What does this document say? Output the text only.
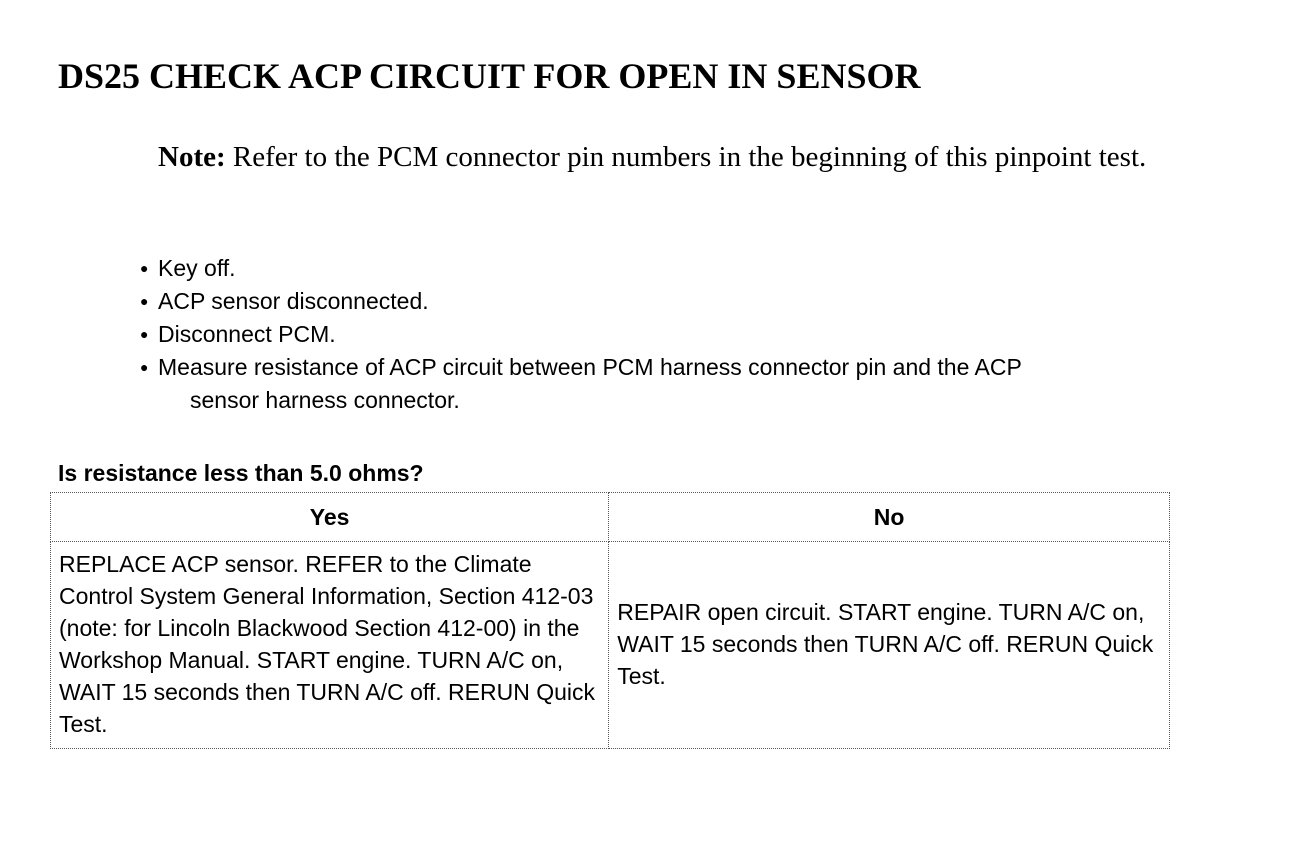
DS25 CHECK ACP CIRCUIT FOR OPEN IN SENSOR

Note: Refer to the PCM connector pin numbers in the beginning of this pinpoint test.

● Key off.
● ACP sensor disconnected.
● Disconnect PCM.
● Measure resistance of ACP circuit between PCM harness connector pin and the ACP
sensor harness connector.

Is resistance less than 5.0 ohms?

Yes	No
REPLACE ACP sensor. REFER to the Climate Control System General Information, Section 412-03 (note: for Lincoln Blackwood Section 412-00) in the Workshop Manual. START engine. TURN A/C on, WAIT 15 seconds then TURN A/C off. RERUN Quick Test.	REPAIR open circuit. START engine. TURN A/C on, WAIT 15 seconds then TURN A/C off. RERUN Quick Test.
